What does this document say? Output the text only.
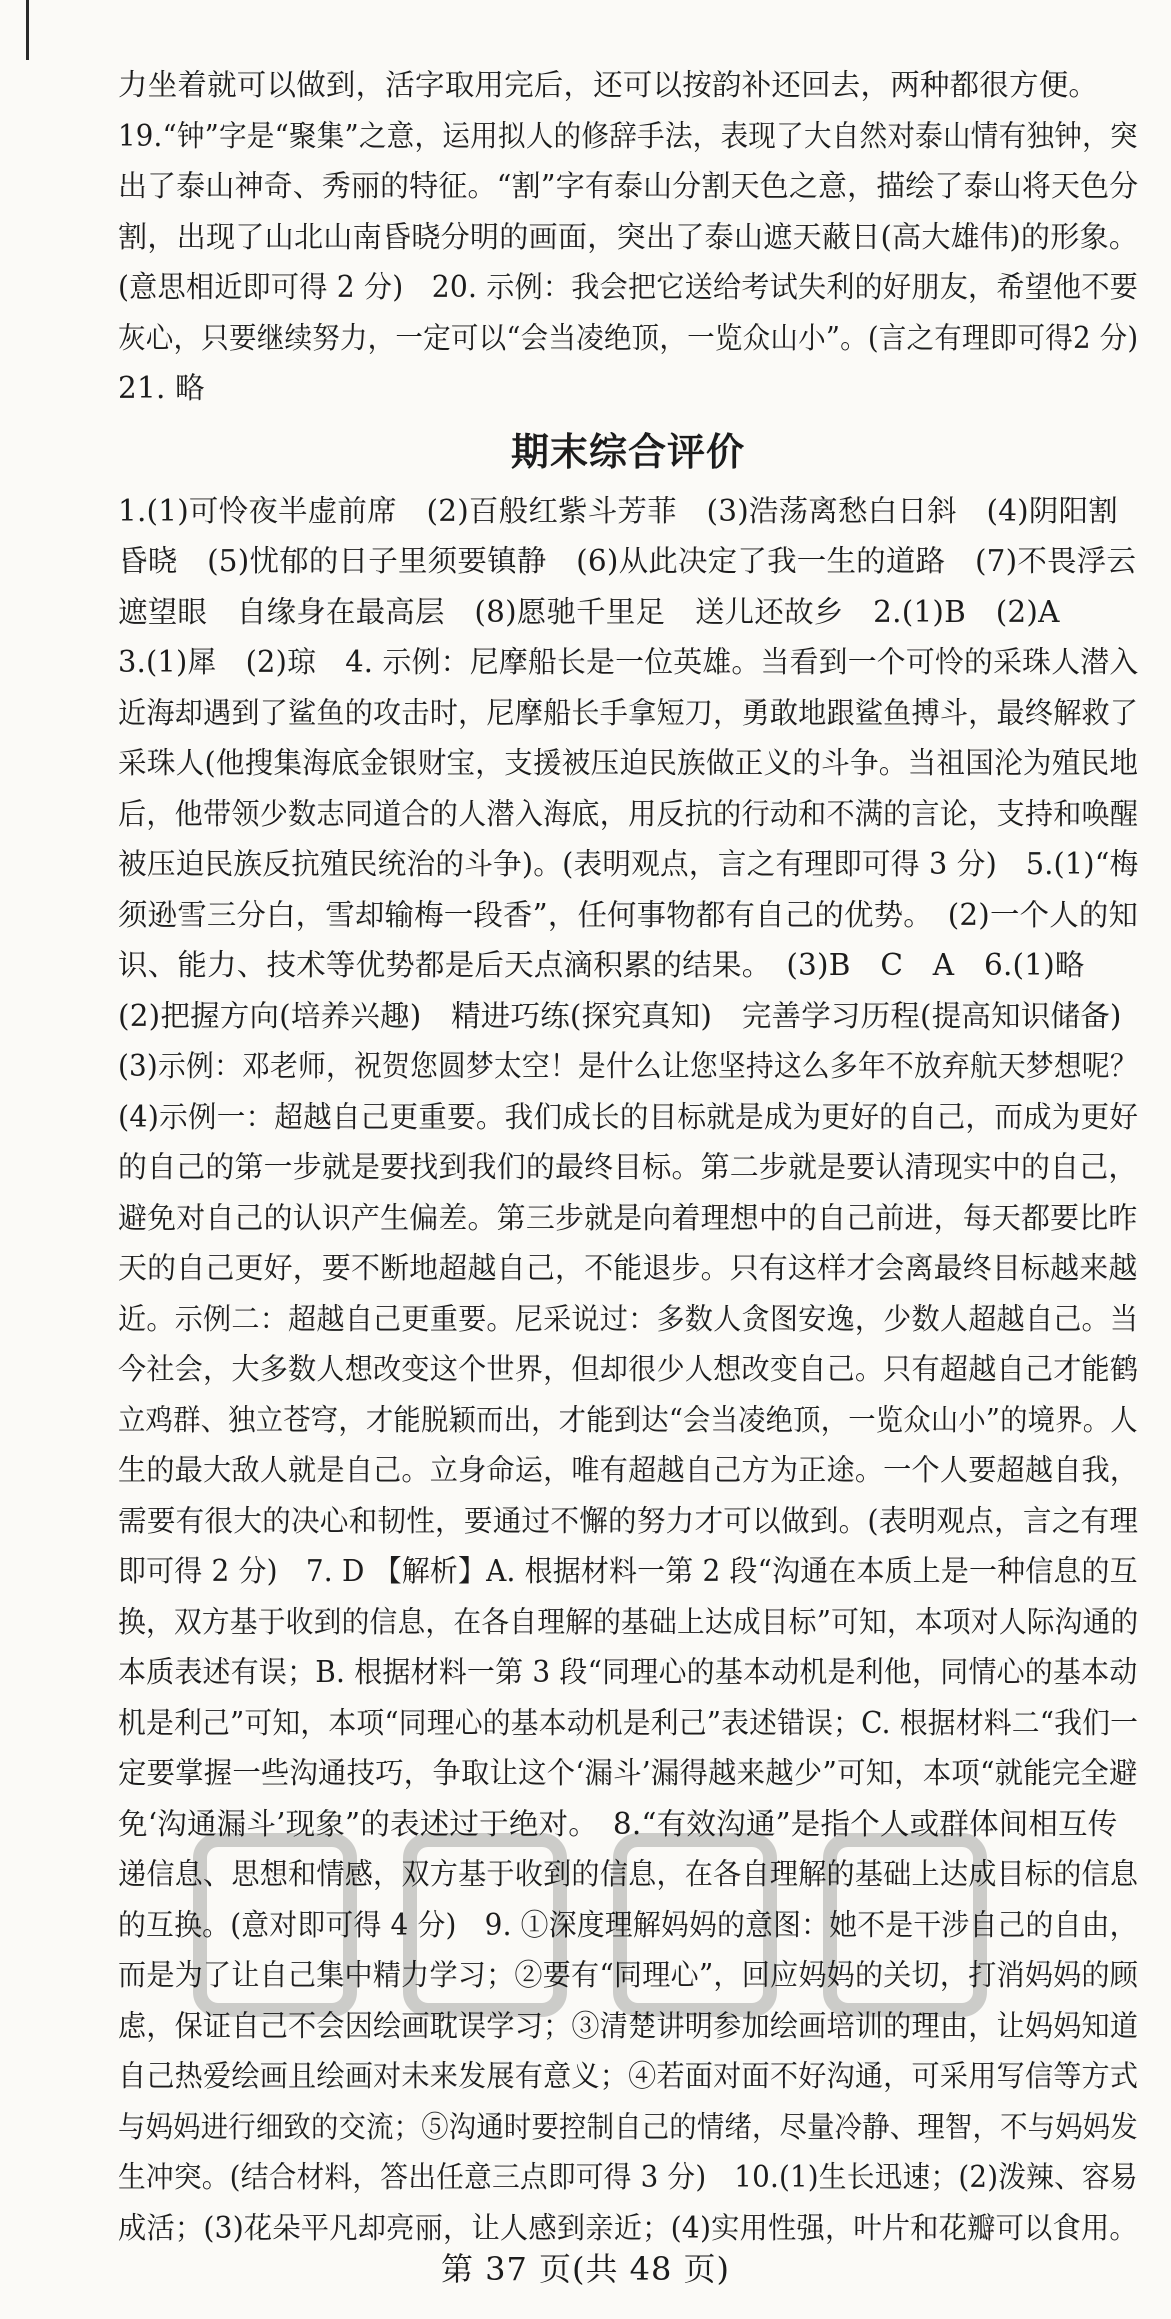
力坐着就可以做到，活字取用完后，还可以按韵补还回去，两种都很方便。

19.“钟”字是“聚集”之意，运用拟人的修辞手法，表现了大自然对泰山情有独钟，突

出了泰山神奇、秀丽的特征。“割”字有泰山分割天色之意，描绘了泰山将天色分

割，出现了山北山南昏晓分明的画面，突出了泰山遮天蔽日(高大雄伟)的形象。

(意思相近即可得 2 分)　20. 示例：我会把它送给考试失利的好朋友，希望他不要

灰心，只要继续努力，一定可以“会当凌绝顶，一览众山小”。(言之有理即可得2 分)

21. 略

期末综合评价

1.(1)可怜夜半虚前席　(2)百般红紫斗芳菲　(3)浩荡离愁白日斜　(4)阴阳割

昏晓　(5)忧郁的日子里须要镇静　(6)从此决定了我一生的道路　(7)不畏浮云

遮望眼　自缘身在最高层　(8)愿驰千里足　送儿还故乡　2.(1)B　(2)A

3.(1)犀　(2)琼　4. 示例：尼摩船长是一位英雄。当看到一个可怜的采珠人潜入

近海却遇到了鲨鱼的攻击时，尼摩船长手拿短刀，勇敢地跟鲨鱼搏斗，最终解救了

采珠人(他搜集海底金银财宝，支援被压迫民族做正义的斗争。当祖国沦为殖民地

后，他带领少数志同道合的人潜入海底，用反抗的行动和不满的言论，支持和唤醒

被压迫民族反抗殖民统治的斗争)。(表明观点，言之有理即可得 3 分)　5.(1)“梅

须逊雪三分白，雪却输梅一段香”，任何事物都有自己的优势。　(2)一个人的知

识、能力、技术等优势都是后天点滴积累的结果。　(3)B　C　A　6.(1)略

(2)把握方向(培养兴趣)　精进巧练(探究真知)　完善学习历程(提高知识储备)

(3)示例：邓老师，祝贺您圆梦太空！是什么让您坚持这么多年不放弃航天梦想呢？

(4)示例一：超越自己更重要。我们成长的目标就是成为更好的自己，而成为更好

的自己的第一步就是要找到我们的最终目标。第二步就是要认清现实中的自己，

避免对自己的认识产生偏差。第三步就是向着理想中的自己前进，每天都要比昨

天的自己更好，要不断地超越自己，不能退步。只有这样才会离最终目标越来越

近。示例二：超越自己更重要。尼采说过：多数人贪图安逸，少数人超越自己。当

今社会，大多数人想改变这个世界，但却很少人想改变自己。只有超越自己才能鹤

立鸡群、独立苍穹，才能脱颖而出，才能到达“会当凌绝顶，一览众山小”的境界。人

生的最大敌人就是自己。立身命运，唯有超越自己方为正途。一个人要超越自我，

需要有很大的决心和韧性，要通过不懈的努力才可以做到。(表明观点，言之有理

即可得 2 分)　7. D 【解析】A. 根据材料一第 2 段“沟通在本质上是一种信息的互

换，双方基于收到的信息，在各自理解的基础上达成目标”可知，本项对人际沟通的

本质表述有误；B. 根据材料一第 3 段“同理心的基本动机是利他，同情心的基本动

机是利己”可知，本项“同理心的基本动机是利己”表述错误；C. 根据材料二“我们一

定要掌握一些沟通技巧，争取让这个‘漏斗’漏得越来越少”可知，本项“就能完全避

免‘沟通漏斗’现象”的表述过于绝对。　8.“有效沟通”是指个人或群体间相互传

递信息、思想和情感，双方基于收到的信息，在各自理解的基础上达成目标的信息

的互换。(意对即可得 4 分)　9. ①深度理解妈妈的意图：她不是干涉自己的自由，

而是为了让自己集中精力学习；②要有“同理心”，回应妈妈的关切，打消妈妈的顾

虑，保证自己不会因绘画耽误学习；③清楚讲明参加绘画培训的理由，让妈妈知道

自己热爱绘画且绘画对未来发展有意义；④若面对面不好沟通，可采用写信等方式

与妈妈进行细致的交流；⑤沟通时要控制自己的情绪，尽量冷静、理智，不与妈妈发

生冲突。(结合材料，答出任意三点即可得 3 分)　10.(1)生长迅速；(2)泼辣、容易

成活；(3)花朵平凡却亮丽，让人感到亲近；(4)实用性强，叶片和花瓣可以食用。

第 37 页(共 48 页)
